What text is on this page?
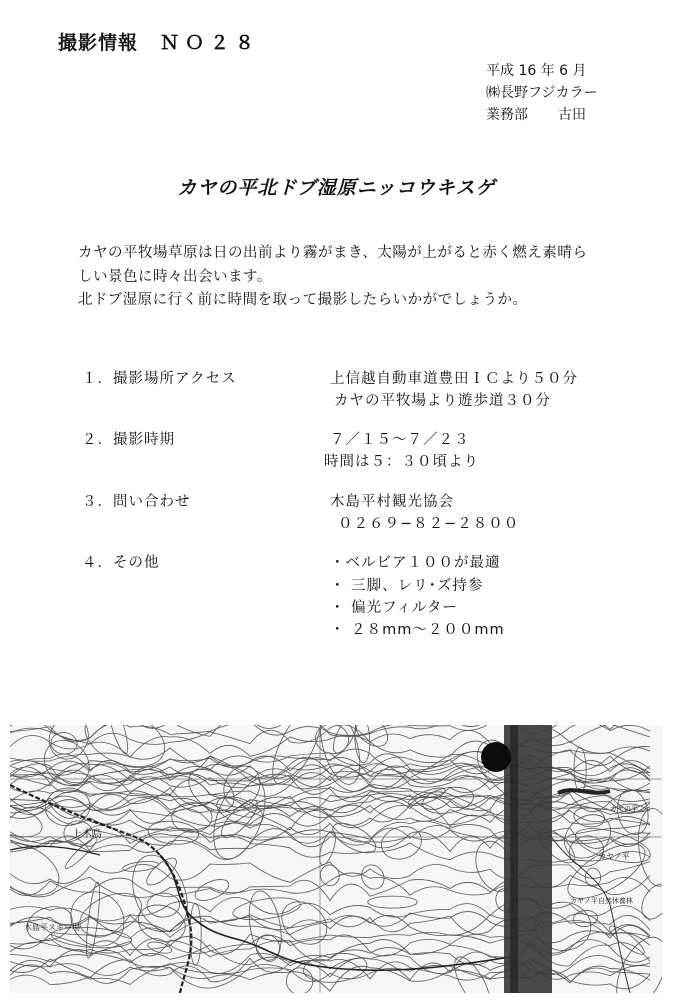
撮影情報 ＮＯ２８
平成 16 年 6 月
㈱長野フジカラー
業務部 古田
カヤの平北ドブ湿原ニッコウキスゲ
カヤの平牧場草原は日の出前より霧がまき、太陽が上がると赤く燃え素晴ら
しい景色に時々出会います。
北ドブ湿原に行く前に時間を取って撮影したらいかがでしょうか。
１．撮影場所アクセス	上信越自動車道豊田ＩＣより５０分
カヤの平牧場より遊歩道３０分
２．撮影時期	７／１５～７／２３
時間は５：３０頃より
３．問い合わせ	木島平村観光協会
０２６９−８２−２８００
４．その他	・ベルビア１００が最適
・ 三脚、レリ･ズ持参
・ 偏光フィルター
・ ２８mm～２００mm
上木島
木島平スキー場
カヤノ平
カヤノ平自然休養林
カヤの平
